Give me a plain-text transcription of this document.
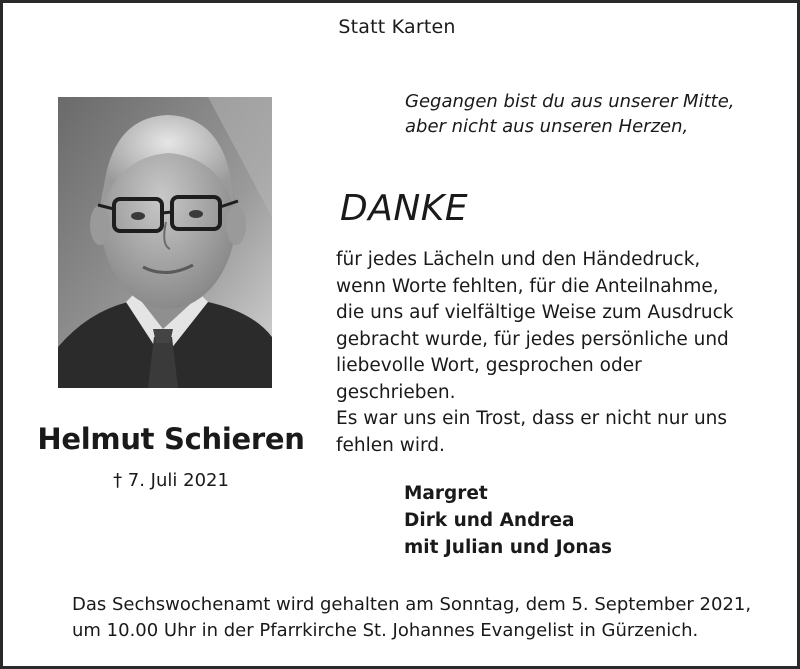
Statt Karten
Helmut Schieren
† 7. Juli 2021
Gegangen bist du aus unserer Mitte,
aber nicht aus unseren Herzen,
DANKE

für jedes Lächeln und den Händedruck,

wenn Worte fehlten, für die Anteilnahme,

die uns auf vielfältige Weise zum Ausdruck

gebracht wurde, für jedes persönliche und

liebevolle Wort, gesprochen oder

geschrieben.

Es war uns ein Trost, dass er nicht nur uns

fehlen wird.

Margret
Dirk und Andrea
mit Julian und Jonas
Das Sechswochenamt wird gehalten am Sonntag, dem 5. September 2021,
um 10.00 Uhr in der Pfarrkirche St. Johannes Evangelist in Gürzenich.
